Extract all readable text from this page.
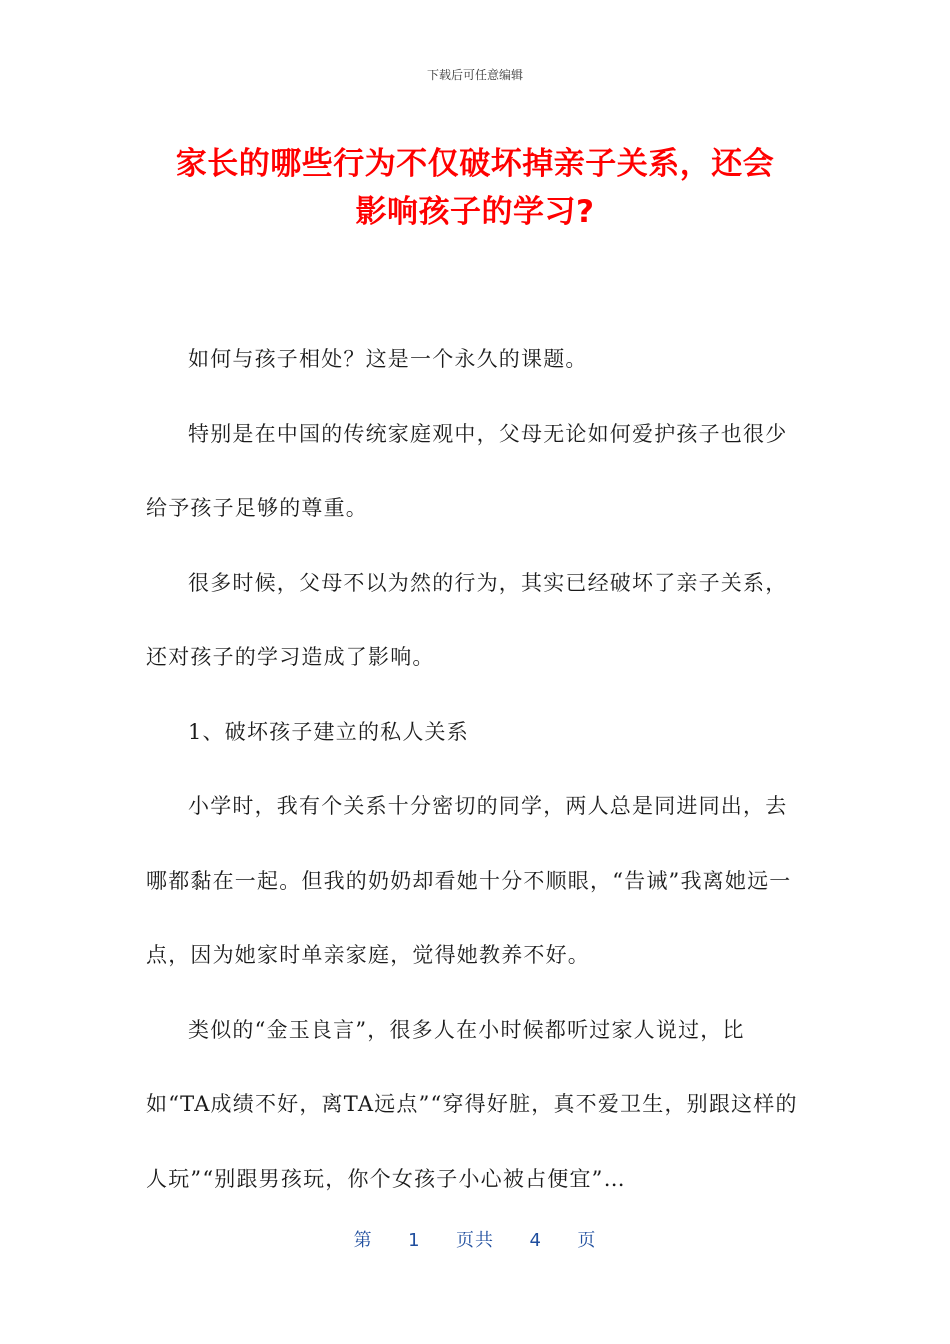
下载后可任意编辑
家长的哪些行为不仅破坏掉亲子关系，还会
影响孩子的学习?

如何与孩子相处？这是一个永久的课题。

特别是在中国的传统家庭观中，父母无论如何爱护孩子也很少给予孩子足够的尊重。

很多时候，父母不以为然的行为，其实已经破坏了亲子关系，还对孩子的学习造成了影响。

1、破坏孩子建立的私人关系

小学时，我有个关系十分密切的同学，两人总是同进同出，去哪都黏在一起。但我的奶奶却看她十分不顺眼，“告诫”我离她远一点，因为她家时单亲家庭，觉得她教养不好。

类似的“金玉良言”，很多人在小时候都听过家人说过，比如“TA成绩不好，离TA远点”“穿得好脏，真不爱卫生，别跟这样的人玩”“别跟男孩玩，你个女孩子小心被占便宜”…

第 1 页共 4 页
